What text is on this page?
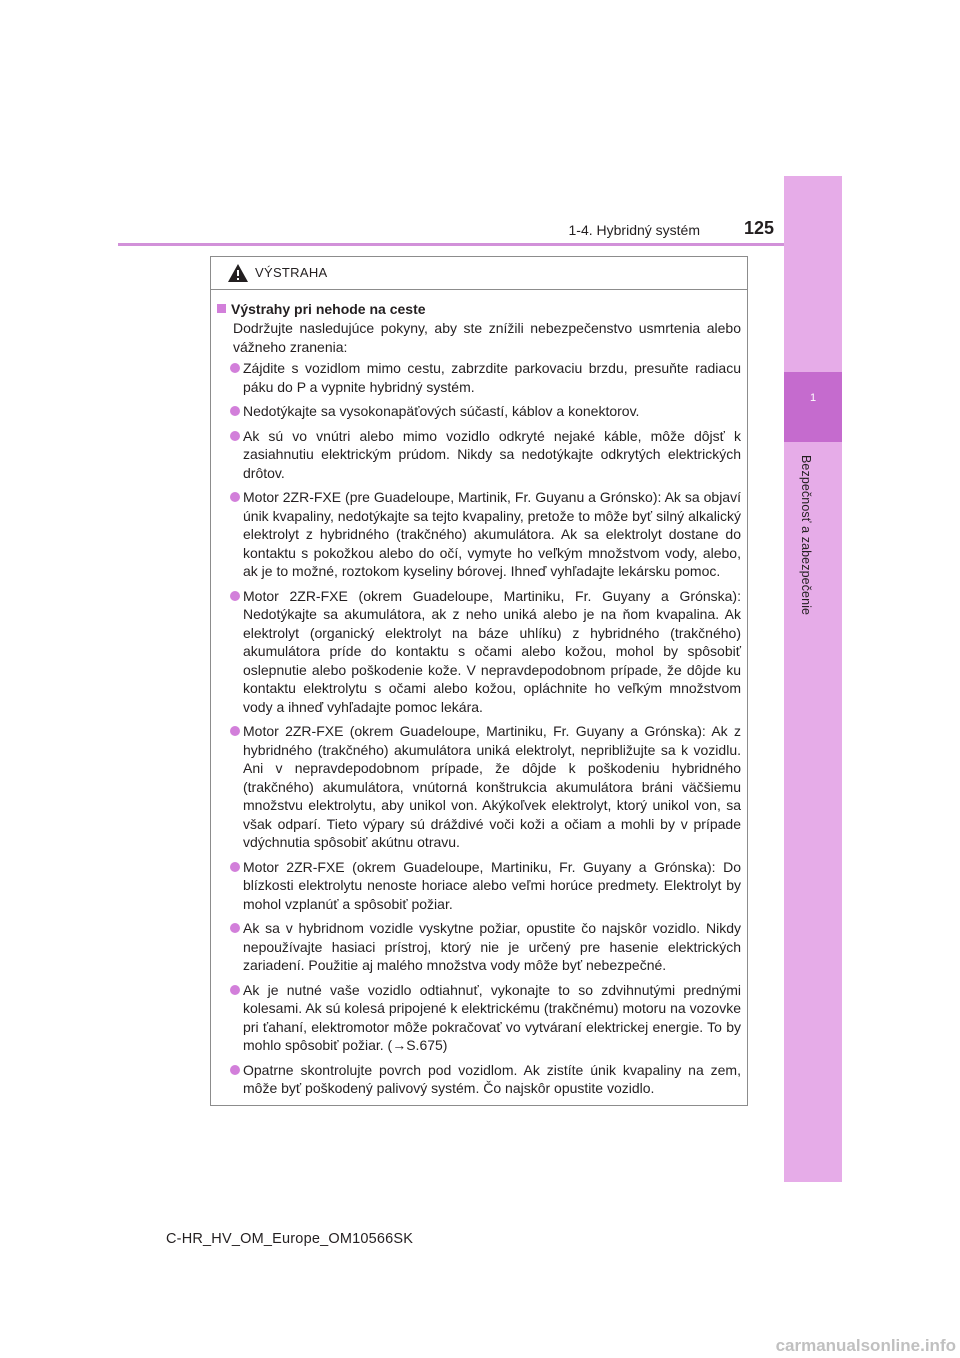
1-4. Hybridný systém	125
1
Bezpečnosť a zabezpečenie
VÝSTRAHA

Výstrahy pri nehode na ceste

Dodržujte nasledujúce pokyny, aby ste znížili nebezpečenstvo usmrtenia alebo vážneho zranenia:

Zájdite s vozidlom mimo cestu, zabrzdite parkovaciu brzdu, presuňte radiacu páku do P a vypnite hybridný systém.
Nedotýkajte sa vysokonapäťových súčastí, káblov a konektorov.
Ak sú vo vnútri alebo mimo vozidlo odkryté nejaké káble, môže dôjsť k zasiahnutiu elektrickým prúdom. Nikdy sa nedotýkajte odkrytých elektrických drôtov.
Motor 2ZR-FXE (pre Guadeloupe, Martinik, Fr. Guyanu a Grónsko): Ak sa objaví únik kvapaliny, nedotýkajte sa tejto kvapaliny, pretože to môže byť silný alkalický elektrolyt z hybridného (trakčného) akumulátora. Ak sa elektrolyt dostane do kontaktu s pokožkou alebo do očí, vymyte ho veľkým množstvom vody, alebo, ak je to možné, roztokom kyseliny bórovej. Ihneď vyhľadajte lekársku pomoc.
Motor 2ZR-FXE (okrem Guadeloupe, Martiniku, Fr. Guyany a Grónska): Nedotýkajte sa akumulátora, ak z neho uniká alebo je na ňom kvapalina. Ak elektrolyt (organický elektrolyt na báze uhlíku) z hybridného (trakčného) akumulátora príde do kontaktu s očami alebo kožou, mohol by spôsobiť oslepnutie alebo poškodenie kože. V nepravdepodobnom prípade, že dôjde ku kontaktu elektrolytu s očami alebo kožou, opláchnite ho veľkým množstvom vody a ihneď vyhľadajte pomoc lekára.
Motor 2ZR-FXE (okrem Guadeloupe, Martiniku, Fr. Guyany a Grónska): Ak z hybridného (trakčného) akumulátora uniká elektrolyt, nepribližujte sa k vozidlu. Ani v nepravdepodobnom prípade, že dôjde k poškodeniu hybridného (trakčného) akumulátora, vnútorná konštrukcia akumulátora bráni väčšiemu množstvu elektrolytu, aby unikol von. Akýkoľvek elektrolyt, ktorý unikol von, sa však odparí. Tieto výpary sú dráždivé voči koži a očiam a mohli by v prípade vdýchnutia spôsobiť akútnu otravu.
Motor 2ZR-FXE (okrem Guadeloupe, Martiniku, Fr. Guyany a Grónska): Do blízkosti elektrolytu nenoste horiace alebo veľmi horúce predmety. Elektrolyt by mohol vzplanúť a spôsobiť požiar.
Ak sa v hybridnom vozidle vyskytne požiar, opustite čo najskôr vozidlo. Nikdy nepoužívajte hasiaci prístroj, ktorý nie je určený pre hasenie elektrických zariadení. Použitie aj malého množstva vody môže byť nebezpečné.
Ak je nutné vaše vozidlo odtiahnuť, vykonajte to so zdvihnutými prednými kolesami. Ak sú kolesá pripojené k elektrickému (trakčnému) motoru na vozovke pri ťahaní, elektromotor môže pokračovať vo vytváraní elektrickej energie. To by mohlo spôsobiť požiar. (→S.675)
Opatrne skontrolujte povrch pod vozidlom. Ak zistíte únik kvapaliny na zem, môže byť poškodený palivový systém. Čo najskôr opustite vozidlo.
C-HR_HV_OM_Europe_OM10566SK
carmanualsonline.info
